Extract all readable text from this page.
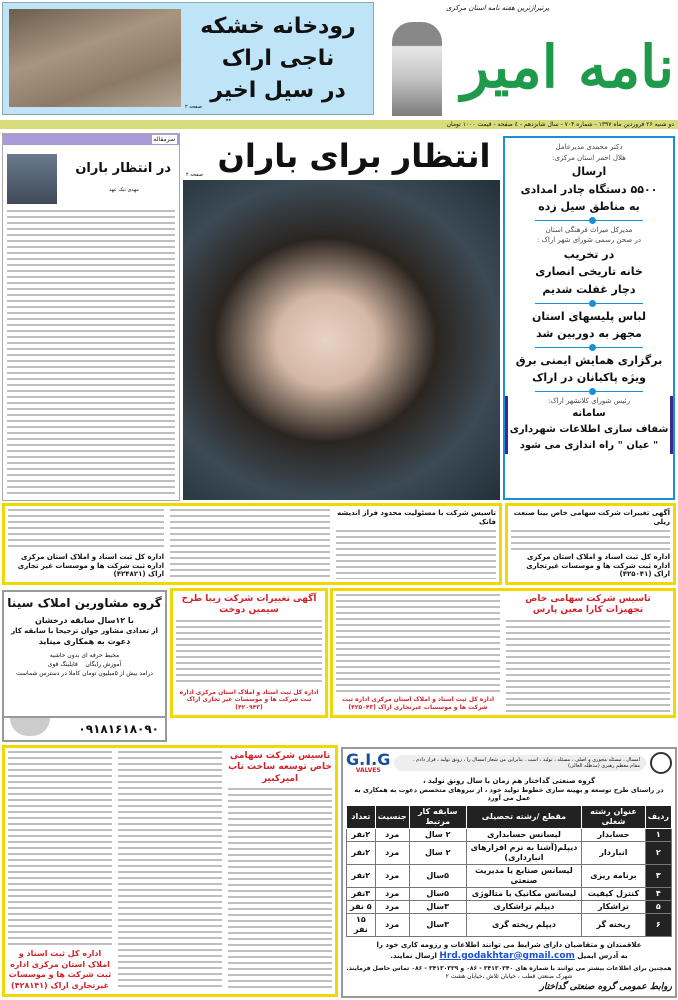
رودخانه خشکه
ناجی اراک
در سیل اخیر
صفحه ۲
پرتیراژترین هفته نامه استان مرکزی
نامه امیر
دو شنبه ۲۶ فروردین ماه ۱۳۹۷ - شماره ۷۰۴ - سال شانزدهم - ٤ صفحه - قیمت ۱۰۰۰ تومان
سرمقاله
در انتظار باران
مهدی نیک عهد
انتظار برای باران
صفحه ۴
دکتر محمدی مدیرعامل
هلال احمر استان مرکزی:
ارسال
۵۵۰۰ دستگاه چادر امدادی
به مناطق سیل زده
مدیرکل میراث فرهنگی استان
در صحن رسمی شورای شهر اراک :
در تخریب
خانه تاریخی انصاری
دچار غفلت شدیم
لباس پلیسهای استان
مجهز به دوربین شد
برگزاری همایش ایمنی برق
ویژه پاکبانان در اراک
رئیس شورای کلانشهر اراک:
سامانه
شفاف سازی اطلاعات شهرداری
" عیان " راه اندازی می شود
آگهی تغییرات شرکت سهامی خاص بینا صنعت ریلی
اداره کل ثبت اسناد و املاک استان مرکزی اداره ثبت شرکت ها و موسسات غیرتجاری اراک (۴۲۵۰۴۱)
تاسیس شرکت با مسئولیت محدود فراز اندیشه فانک
اداره کل ثبت اسناد و املاک استان مرکزی اداره ثبت شرکت ها و موسسات غیر تجاری اراک (۴۲۴۸۲۱)
تاسیس شرکت سهامی خاص تجهیزات کارا معین پارس
اداره کل ثبت اسناد و املاک استان مرکزی اداره ثبت شرکت ها و موسسات غیرتجاری اراک (۴۲۵۰۴۳)
آگهی تغییرات شرکت زیبا طرح سیمین دوخت
اداره کل ثبت اسناد و املاک استان مرکزی اداره ثبت شرکت ها و موسسات غیر تجاری اراک (۴۲۰۹۴۳)
گروه مشاورین املاک سینا
با ۱۲سال سابقه درخشان
از تعدادی مشاور جوان ترجیحا با سابقه کار
دعوت به همکاری میناید
محیط حرفه ای بدون حاشیه
آموزش رایگان    فایلینگ قوی
درامد بیش از ۵میلیون تومان کاملا در دسترس شماست
۰۹۱۸۱۶۱۸۰۹۰
تاسیس شرکت سهامی خاص توسعه ساخت تاب امیرکبیر
اداره کل ثبت اسناد و املاک استان مرکزی اداره ثبت شرکت ها و موسسات غیرتجاری اراک (۴۲۸۱۴۱)
امسال ، مسئله محوری و اصلی ، مسئله ، تولید ، است . بنابراین من شعار امسال را ، رونق تولید ، قرار دادم .
مقام معظم رهبری (مدظله العالی)
G.I.G
VALVES
گروه صنعتی گداختار هم زمان با سال رونق تولید ،
در راستای طرح توسعه و بهینه سازی خطوط تولید خود ، از نیروهای متخصص دعوت به همکاری به عمل می آورد
ردیف	عنوان رشته شغلی	مقطع /رشته تحصیلی	سابقه کار مرتبط	جنسیت	تعداد
۱	حسابدار	لیسانس حسابداری	۲ سال	مرد	۲نفر
۲	انباردار	دیپلم(آشنا به نرم افزارهای انبارداری)	۲ سال	مرد	۲نفر
۳	برنامه ریزی	لیسانس صنایع یا مدیریت صنعتی	۵سال	مرد	۲نفر
۴	کنترل کیفیت	لیسانس مکانیک یا متالوژی	۵سال	مرد	۳نفر
۵	تراشکار	دیپلم تراشکاری	۳سال	مرد	۵ نفر
۶	ریخته گر	دیپلم ریخته گری	۳سال	مرد	۱۵ نفر
علاقمندان و متقاضیان دارای شرایط می توانند اطلاعات و رزومه کاری خود را
به آدرس ایمیل Hrd.godakhtar@gmail.com ارسال نمایند.
همچنین برای اطلاعات بیشتر می توانند با شماره های ۳۴۱۳۰۳۴۰ - ۰۸۶ و ۳۴۱۳۰۳۳۹ - ۰۸۶ تماس حاصل فرمایند.
شهرک صنعتی قطب ، خیابان تلاش ،خیابان هشت ۲
روابط عمومی گروه صنعتی گداختار
